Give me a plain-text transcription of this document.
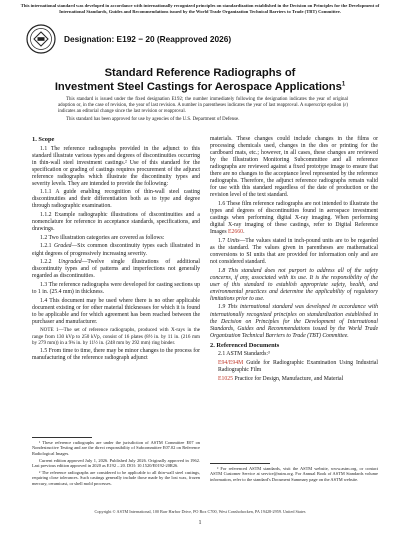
This international standard was developed in accordance with internationally recognized principles on standardization established in the Decision on Principles for the Development of International Standards, Guides and Recommendations issued by the World Trade Organization Technical Barriers to Trade (TBT) Committee.
Designation: E192 − 20 (Reapproved 2026)
Standard Reference Radiographs of
Investment Steel Castings for Aerospace Applications$^1$

This standard is issued under the fixed designation E192; the number immediately following the designation indicates the year of original adoption or, in the case of revision, the year of last revision. A number in parentheses indicates the year of last reapproval. A superscript epsilon (ε) indicates an editorial change since the last revision or reapproval.

This standard has been approved for use by agencies of the U.S. Department of Defense.

1. Scope

1.1 The reference radiographs provided in the adjunct to this standard illustrate various types and degrees of discontinuities occurring in thin-wall steel investment castings.² Use of this standard for the specification or grading of castings requires procurement of the adjunct reference radiographs which illustrate the discontinuity types and severity levels. They are intended to provide the following:

1.1.1 A guide enabling recognition of thin-wall steel casting discontinuities and their differentiation both as to type and degree through radiographic examination.

1.1.2 Example radiographic illustrations of discontinuities and a nomenclature for reference in acceptance standards, specifications, and drawings.

1.2 Two illustration categories are covered as follows:

1.2.1 Graded—Six common discontinuity types each illustrated in eight degrees of progressively increasing severity.

1.2.2 Ungraded—Twelve single illustrations of additional discontinuity types and of patterns and imperfections not generally regarded as discontinuities.

1.3 The reference radiographs were developed for casting sections up to 1 in. (25.4 mm) in thickness.

1.4 This document may be used where there is no other applicable document existing or for other material thicknesses for which it is found to be applicable and for which agreement has been reached between the purchaser and manufacturer.

NOTE 1—The set of reference radiographs, produced with X-rays in the range from 130 kVp to 250 kVp, consist of 16 plates (8½ in. by 11 in. (216 mm by 279 mm)) in a 9¾ in. by 11½ in. (248 mm by 292 mm) ring binder.

1.5 From time to time, there may be minor changes to the process for manufacturing of the reference radiograph adjunct

materials. These changes could include changes in the films or processing chemicals used, changes in the dies or printing for the cardboard mats, etc.; however, in all cases, these changes are reviewed by the Illustration Monitoring Subcommittee and all reference radiographs are reviewed against a fixed prototype image to ensure that there are no changes to the acceptance level represented by the reference radiographs. Therefore, the adjunct reference radiographs remain valid for use with this standard regardless of the date of production or the revision level of the text standard.

1.6 These film reference radiographs are not intended to illustrate the types and degrees of discontinuities found in aerospace investment castings when performing digital X-ray imaging. When performing digital X-ray imaging of these castings, refer to Digital Reference Images E2660.

1.7 Units—The values stated in inch-pound units are to be regarded as the standard. The values given in parentheses are mathematical conversions to SI units that are provided for information only and are not considered standard.

1.8 This standard does not purport to address all of the safety concerns, if any, associated with its use. It is the responsibility of the user of this standard to establish appropriate safety, health, and environmental practices and determine the applicability of regulatory limitations prior to use.

1.9 This international standard was developed in accordance with internationally recognized principles on standardization established in the Decision on Principles for the Development of International Standards, Guides and Recommendations issued by the World Trade Organization Technical Barriers to Trade (TBT) Committee.

2. Referenced Documents

2.1 ASTM Standards:³

E94/E94M Guide for Radiographic Examination Using Industrial Radiographic Film

E1025 Practice for Design, Manufacture, and Material

¹ These reference radiographs are under the jurisdiction of ASTM Committee E07 on Nondestructive Testing and are the direct responsibility of Subcommittee E07.02 on Reference Radiological Images.

Current edition approved July 1, 2026. Published July 2026. Originally approved in 1962. Last previous edition approved in 2020 as E192 – 20. DOI: 10.1520/E0192-20R26.

² The reference radiographs are considered to be applicable to all thin-wall steel castings, requiring close tolerances. Such castings generally include those made by the lost wax, frozen mercury, ceramicast, or shell mold processes.

³ For referenced ASTM standards, visit the ASTM website, www.astm.org, or contact ASTM Customer Service at service@astm.org. For Annual Book of ASTM Standards volume information, refer to the standard's Document Summary page on the ASTM website.

Copyright © ASTM International, 100 Barr Harbor Drive, PO Box C700, West Conshohocken, PA 19428-2959. United States
1
